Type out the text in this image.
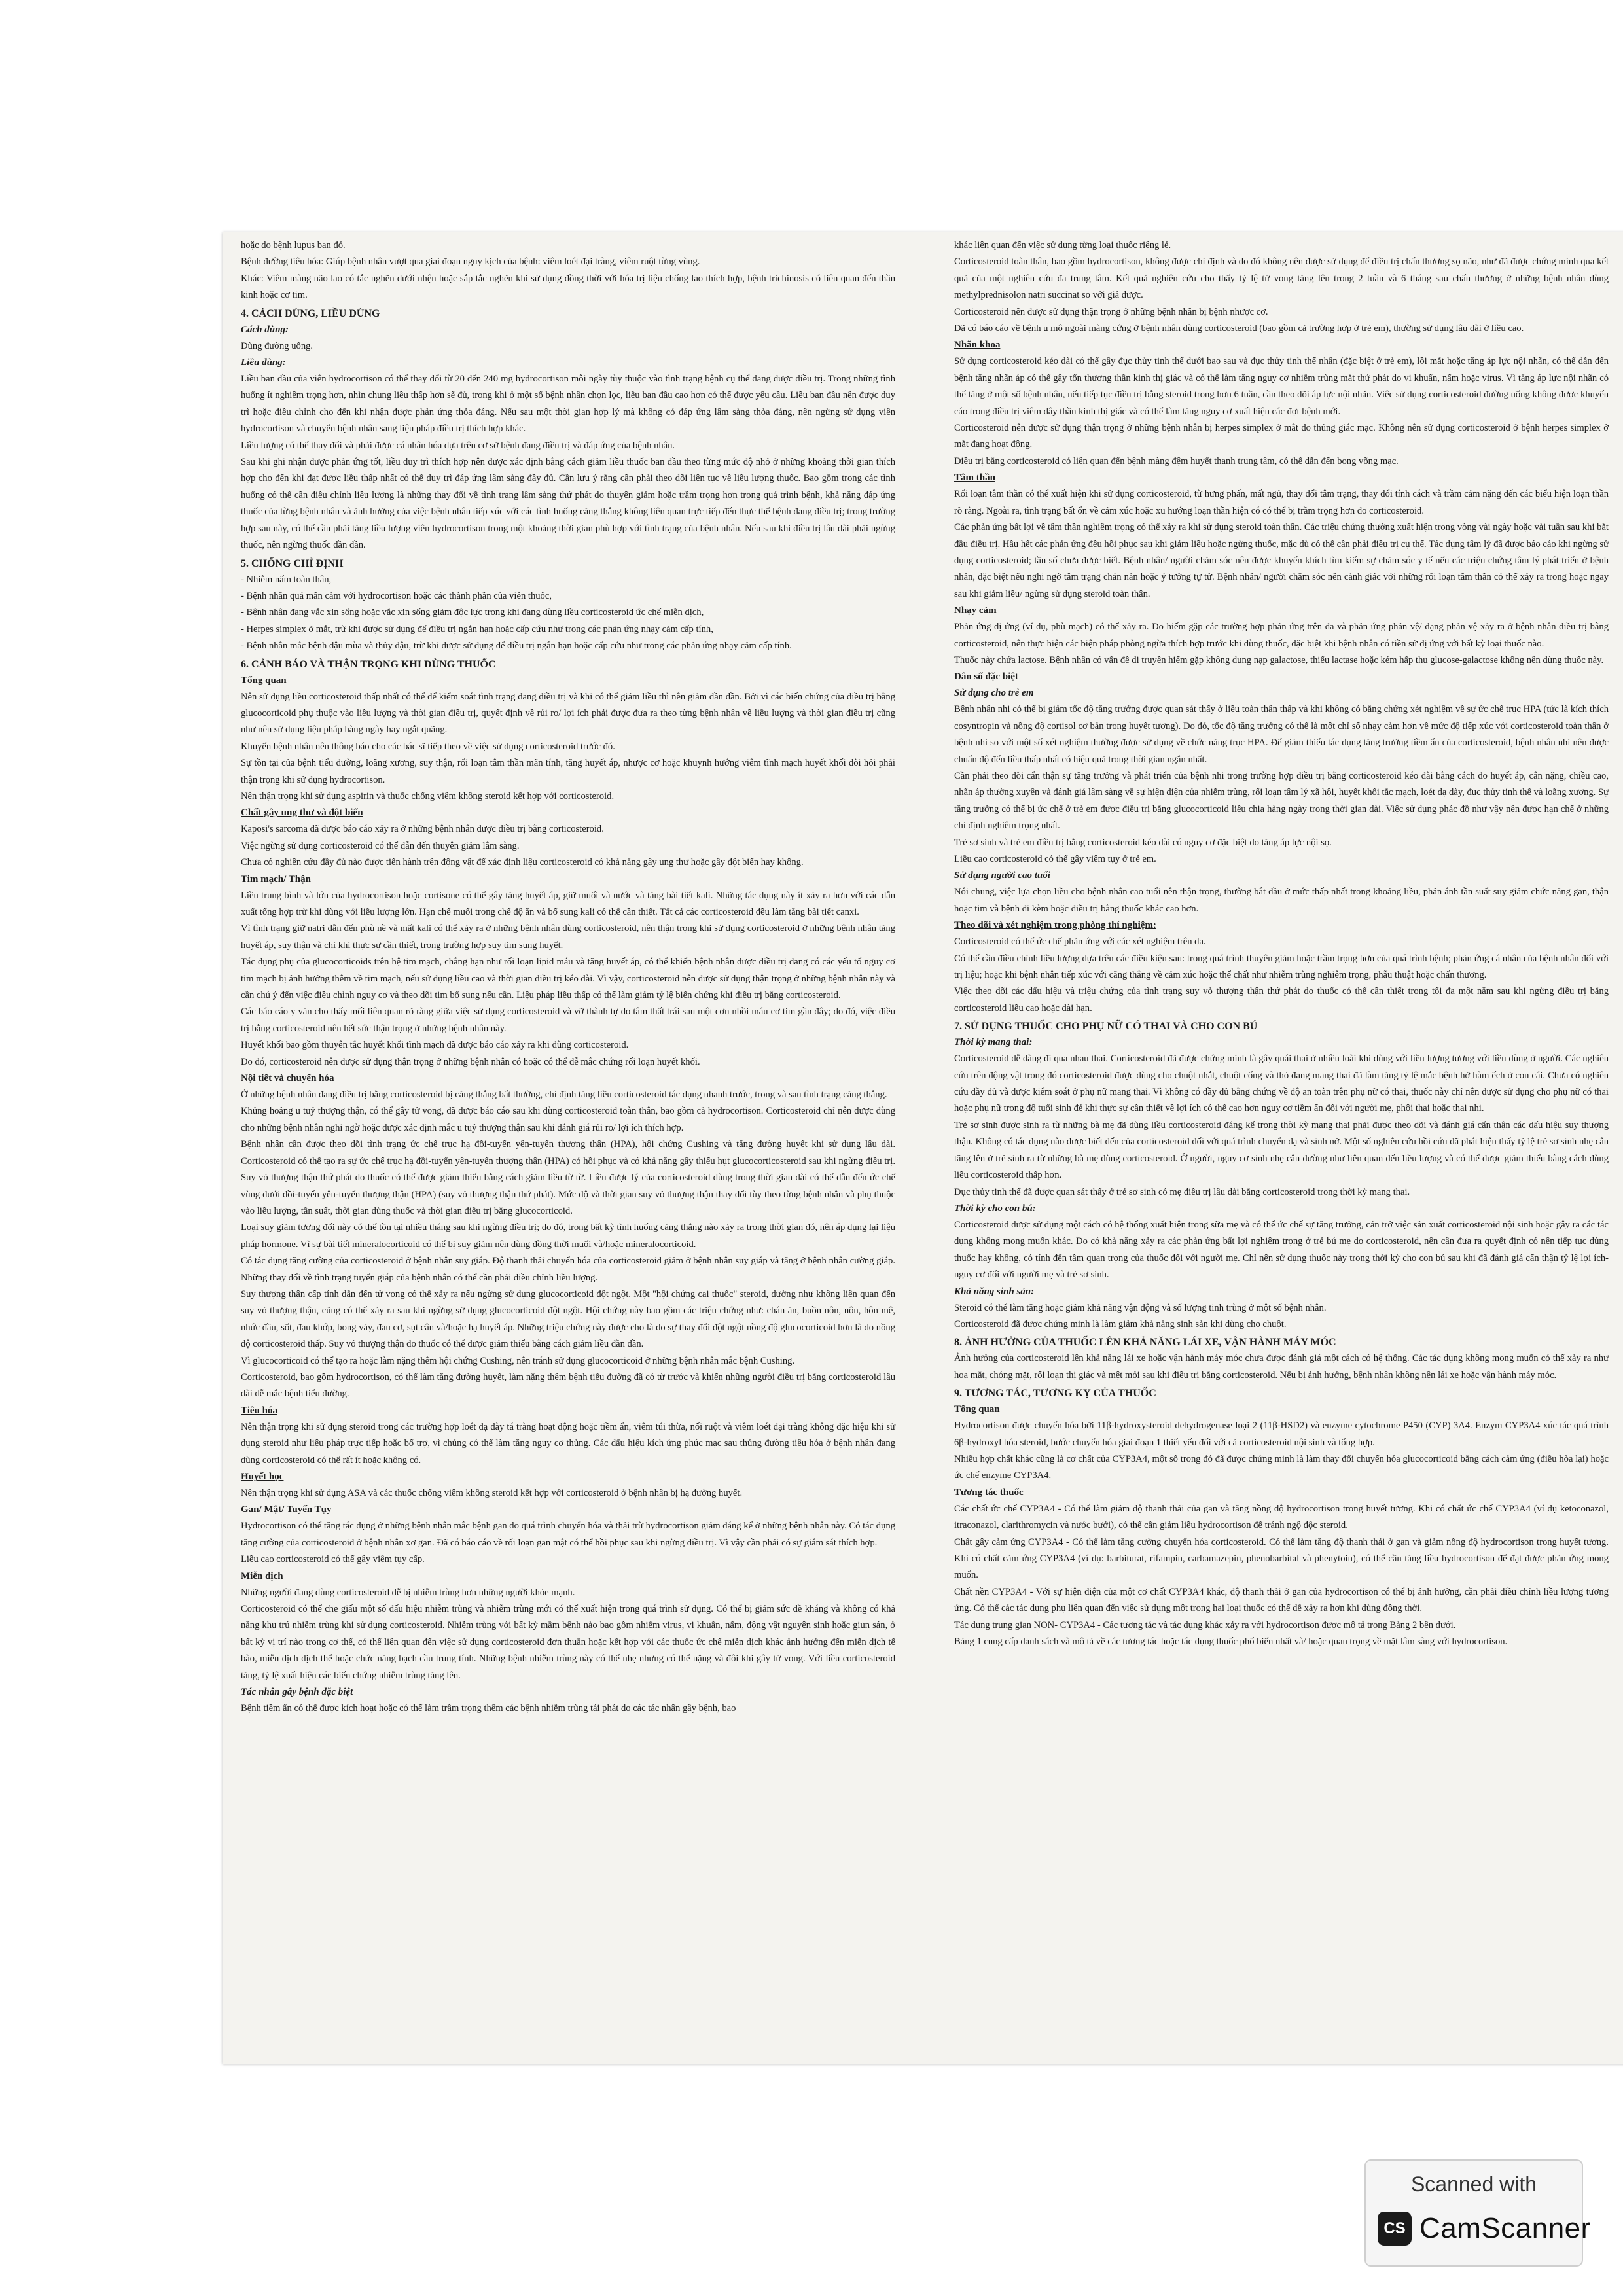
hoặc do bệnh lupus ban đỏ.

Bệnh đường tiêu hóa: Giúp bệnh nhân vượt qua giai đoạn nguy kịch của bệnh: viêm loét đại tràng, viêm ruột từng vùng.

Khác: Viêm màng não lao có tắc nghẽn dưới nhện hoặc sắp tắc nghẽn khi sử dụng đồng thời với hóa trị liệu chống lao thích hợp, bệnh trichinosis có liên quan đến thần kinh hoặc cơ tim.

4. CÁCH DÙNG, LIỀU DÙNG
Cách dùng:

Dùng đường uống.

Liều dùng:

Liều ban đầu của viên hydrocortison có thể thay đổi từ 20 đến 240 mg hydrocortison mỗi ngày tùy thuộc vào tình trạng bệnh cụ thể đang được điều trị. Trong những tình huống ít nghiêm trọng hơn, nhìn chung liều thấp hơn sẽ đủ, trong khi ở một số bệnh nhân chọn lọc, liều ban đầu cao hơn có thể được yêu cầu. Liều ban đầu nên được duy trì hoặc điều chỉnh cho đến khi nhận được phản ứng thỏa đáng. Nếu sau một thời gian hợp lý mà không có đáp ứng lâm sàng thỏa đáng, nên ngừng sử dụng viên hydrocortison và chuyển bệnh nhân sang liệu pháp điều trị thích hợp khác.

Liều lượng có thể thay đổi và phải được cá nhân hóa dựa trên cơ sở bệnh đang điều trị và đáp ứng của bệnh nhân.

Sau khi ghi nhận được phản ứng tốt, liều duy trì thích hợp nên được xác định bằng cách giảm liều thuốc ban đầu theo từng mức độ nhỏ ở những khoảng thời gian thích hợp cho đến khi đạt được liều thấp nhất có thể duy trì đáp ứng lâm sàng đầy đủ. Cần lưu ý rằng cần phải theo dõi liên tục về liều lượng thuốc. Bao gồm trong các tình huống có thể cần điều chỉnh liều lượng là những thay đổi về tình trạng lâm sàng thứ phát do thuyên giảm hoặc trầm trọng hơn trong quá trình bệnh, khả năng đáp ứng thuốc của từng bệnh nhân và ảnh hưởng của việc bệnh nhân tiếp xúc với các tình huống căng thẳng không liên quan trực tiếp đến thực thể bệnh đang điều trị; trong trường hợp sau này, có thể cần phải tăng liều lượng viên hydrocortison trong một khoảng thời gian phù hợp với tình trạng của bệnh nhân. Nếu sau khi điều trị lâu dài phải ngừng thuốc, nên ngừng thuốc dần dần.

5. CHỐNG CHỈ ĐỊNH

- Nhiễm nấm toàn thân,

- Bệnh nhân quá mẫn cảm với hydrocortison hoặc các thành phần của viên thuốc,

- Bệnh nhân đang vắc xin sống hoặc vắc xin sống giảm độc lực trong khi đang dùng liều corticosteroid ức chế miễn dịch,

- Herpes simplex ở mắt, trừ khi được sử dụng để điều trị ngắn hạn hoặc cấp cứu như trong các phản ứng nhạy cảm cấp tính,

- Bệnh nhân mắc bệnh đậu mùa và thủy đậu, trừ khi được sử dụng để điều trị ngắn hạn hoặc cấp cứu như trong các phản ứng nhạy cảm cấp tính.

6. CẢNH BÁO VÀ THẬN TRỌNG KHI DÙNG THUỐC
Tổng quan

Nên sử dụng liều corticosteroid thấp nhất có thể để kiểm soát tình trạng đang điều trị và khi có thể giảm liều thì nên giảm dần dần. Bởi vì các biến chứng của điều trị bằng glucocorticoid phụ thuộc vào liều lượng và thời gian điều trị, quyết định về rủi ro/ lợi ích phải được đưa ra theo từng bệnh nhân về liều lượng và thời gian điều trị cũng như nên sử dụng liệu pháp hàng ngày hay ngắt quãng.

Khuyến bệnh nhân nên thông báo cho các bác sĩ tiếp theo về việc sử dụng corticosteroid trước đó.

Sự tồn tại của bệnh tiểu đường, loãng xương, suy thận, rối loạn tâm thần mãn tính, tăng huyết áp, nhược cơ hoặc khuynh hướng viêm tĩnh mạch huyết khối đòi hỏi phải thận trọng khi sử dụng hydrocortison.

Nên thận trọng khi sử dụng aspirin và thuốc chống viêm không steroid kết hợp với corticosteroid.

Chất gây ung thư và đột biến

Kaposi's sarcoma đã được báo cáo xảy ra ở những bệnh nhân được điều trị bằng corticosteroid.

Việc ngừng sử dụng corticosteroid có thể dẫn đến thuyên giảm lâm sàng.

Chưa có nghiên cứu đầy đủ nào được tiến hành trên động vật để xác định liệu corticosteroid có khả năng gây ung thư hoặc gây đột biến hay không.

Tim mạch/ Thận

Liều trung bình và lớn của hydrocortison hoặc cortisone có thể gây tăng huyết áp, giữ muối và nước và tăng bài tiết kali. Những tác dụng này ít xảy ra hơn với các dẫn xuất tổng hợp trừ khi dùng với liều lượng lớn. Hạn chế muối trong chế độ ăn và bổ sung kali có thể cần thiết. Tất cả các corticosteroid đều làm tăng bài tiết canxi.

Vì tình trạng giữ natri dẫn đến phù nề và mất kali có thể xảy ra ở những bệnh nhân dùng corticosteroid, nên thận trọng khi sử dụng corticosteroid ở những bệnh nhân tăng huyết áp, suy thận và chỉ khi thực sự cần thiết, trong trường hợp suy tim sung huyết.

Tác dụng phụ của glucocorticoids trên hệ tim mạch, chẳng hạn như rối loạn lipid máu và tăng huyết áp, có thể khiến bệnh nhân được điều trị đang có các yếu tố nguy cơ tim mạch bị ảnh hưởng thêm về tim mạch, nếu sử dụng liều cao và thời gian điều trị kéo dài. Vì vậy, corticosteroid nên được sử dụng thận trọng ở những bệnh nhân này và cần chú ý đến việc điều chỉnh nguy cơ và theo dõi tim bổ sung nếu cần. Liệu pháp liều thấp có thể làm giảm tỷ lệ biến chứng khi điều trị bằng corticosteroid.

Các báo cáo y văn cho thấy mối liên quan rõ ràng giữa việc sử dụng corticosteroid và vỡ thành tự do tâm thất trái sau một cơn nhồi máu cơ tim gần đây; do đó, việc điều trị bằng corticosteroid nên hết sức thận trọng ở những bệnh nhân này.

Huyết khối bao gồm thuyên tắc huyết khối tĩnh mạch đã được báo cáo xảy ra khi dùng corticosteroid.

Do đó, corticosteroid nên được sử dụng thận trọng ở những bệnh nhân có hoặc có thể dễ mắc chứng rối loạn huyết khối.

Nội tiết và chuyển hóa

Ở những bệnh nhân đang điều trị bằng corticosteroid bị căng thẳng bất thường, chỉ định tăng liều corticosteroid tác dụng nhanh trước, trong và sau tình trạng căng thẳng.

Khủng hoảng u tuỷ thượng thận, có thể gây tử vong, đã được báo cáo sau khi dùng corticosteroid toàn thân, bao gồm cả hydrocortison. Corticosteroid chỉ nên được dùng cho những bệnh nhân nghi ngờ hoặc được xác định mắc u tuỷ thượng thận sau khi đánh giá rủi ro/ lợi ích thích hợp.

Bệnh nhân cần được theo dõi tình trạng ức chế trục hạ đồi-tuyến yên-tuyến thượng thận (HPA), hội chứng Cushing và tăng đường huyết khi sử dụng lâu dài. Corticosteroid có thể tạo ra sự ức chế trục hạ đồi-tuyến yên-tuyến thượng thận (HPA) có hồi phục và có khả năng gây thiếu hụt glucocorticosteroid sau khi ngừng điều trị. Suy vỏ thượng thận thứ phát do thuốc có thể được giảm thiểu bằng cách giảm liều từ từ. Liều được lý của corticosteroid dùng trong thời gian dài có thể dẫn đến ức chế vùng dưới đồi-tuyến yên-tuyến thượng thận (HPA) (suy vỏ thượng thận thứ phát). Mức độ và thời gian suy vỏ thượng thận thay đổi tùy theo từng bệnh nhân và phụ thuộc vào liều lượng, tần suất, thời gian dùng thuốc và thời gian điều trị bằng glucocorticoid.

Loại suy giảm tương đối này có thể tồn tại nhiều tháng sau khi ngừng điều trị; do đó, trong bất kỳ tình huống căng thẳng nào xảy ra trong thời gian đó, nên áp dụng lại liệu pháp hormone. Vì sự bài tiết mineralocorticoid có thể bị suy giảm nên dùng đồng thời muối và/hoặc mineralocorticoid.

Có tác dụng tăng cường của corticosteroid ở bệnh nhân suy giáp. Độ thanh thải chuyển hóa của corticosteroid giảm ở bệnh nhân suy giáp và tăng ở bệnh nhân cường giáp. Những thay đổi về tình trạng tuyến giáp của bệnh nhân có thể cần phải điều chỉnh liều lượng.

Suy thượng thận cấp tính dẫn đến tử vong có thể xảy ra nếu ngừng sử dụng glucocorticoid đột ngột. Một "hội chứng cai thuốc" steroid, dường như không liên quan đến suy vỏ thượng thận, cũng có thể xảy ra sau khi ngừng sử dụng glucocorticoid đột ngột. Hội chứng này bao gồm các triệu chứng như: chán ăn, buồn nôn, nôn, hôn mê, nhức đầu, sốt, đau khớp, bong vảy, đau cơ, sụt cân và/hoặc hạ huyết áp. Những triệu chứng này được cho là do sự thay đổi đột ngột nồng độ glucocorticoid hơn là do nồng độ corticosteroid thấp. Suy vỏ thượng thận do thuốc có thể được giảm thiểu bằng cách giảm liều dần dần.

Vì glucocorticoid có thể tạo ra hoặc làm nặng thêm hội chứng Cushing, nên tránh sử dụng glucocorticoid ở những bệnh nhân mắc bệnh Cushing.

Corticosteroid, bao gồm hydrocortison, có thể làm tăng đường huyết, làm nặng thêm bệnh tiểu đường đã có từ trước và khiến những người điều trị bằng corticosteroid lâu dài dễ mắc bệnh tiểu đường.

Tiêu hóa

Nên thận trọng khi sử dụng steroid trong các trường hợp loét dạ dày tá tràng hoạt động hoặc tiềm ẩn, viêm túi thừa, nối ruột và viêm loét đại tràng không đặc hiệu khi sử dụng steroid như liệu pháp trực tiếp hoặc bổ trợ, vì chúng có thể làm tăng nguy cơ thủng. Các dấu hiệu kích ứng phúc mạc sau thủng đường tiêu hóa ở bệnh nhân đang dùng corticosteroid có thể rất ít hoặc không có.

Huyết học

Nên thận trọng khi sử dụng ASA và các thuốc chống viêm không steroid kết hợp với corticosteroid ở bệnh nhân bị hạ đường huyết.

Gan/ Mật/ Tuyến Tụy

Hydrocortison có thể tăng tác dụng ở những bệnh nhân mắc bệnh gan do quá trình chuyển hóa và thải trừ hydrocortison giảm đáng kể ở những bệnh nhân này. Có tác dụng tăng cường của corticosteroid ở bệnh nhân xơ gan. Đã có báo cáo về rối loạn gan mật có thể hồi phục sau khi ngừng điều trị. Vì vậy cần phải có sự giám sát thích hợp.

Liều cao corticosteroid có thể gây viêm tụy cấp.

Miễn dịch

Những người đang dùng corticosteroid dễ bị nhiễm trùng hơn những người khỏe mạnh.

Corticosteroid có thể che giấu một số dấu hiệu nhiễm trùng và nhiễm trùng mới có thể xuất hiện trong quá trình sử dụng. Có thể bị giảm sức đề kháng và không có khả năng khu trú nhiễm trùng khi sử dụng corticosteroid. Nhiễm trùng với bất kỳ mầm bệnh nào bao gồm nhiễm virus, vi khuẩn, nấm, động vật nguyên sinh hoặc giun sán, ở bất kỳ vị trí nào trong cơ thể, có thể liên quan đến việc sử dụng corticosteroid đơn thuần hoặc kết hợp với các thuốc ức chế miễn dịch khác ảnh hưởng đến miễn dịch tế bào, miễn dịch dịch thể hoặc chức năng bạch cầu trung tính. Những bệnh nhiễm trùng này có thể nhẹ nhưng có thể nặng và đôi khi gây tử vong. Với liều corticosteroid tăng, tỷ lệ xuất hiện các biến chứng nhiễm trùng tăng lên.

Tác nhân gây bệnh đặc biệt

Bệnh tiềm ẩn có thể được kích hoạt hoặc có thể làm trầm trọng thêm các bệnh nhiễm trùng tái phát do các tác nhân gây bệnh, bao

khác liên quan đến việc sử dụng từng loại thuốc riêng lẻ.

Corticosteroid toàn thân, bao gồm hydrocortison, không được chỉ định và do đó không nên được sử dụng để điều trị chấn thương sọ não, như đã được chứng minh qua kết quả của một nghiên cứu đa trung tâm. Kết quả nghiên cứu cho thấy tỷ lệ tử vong tăng lên trong 2 tuần và 6 tháng sau chấn thương ở những bệnh nhân dùng methylprednisolon natri succinat so với giả dược.

Corticosteroid nên được sử dụng thận trọng ở những bệnh nhân bị bệnh nhược cơ.

Đã có báo cáo về bệnh u mô ngoài màng cứng ở bệnh nhân dùng corticosteroid (bao gồm cả trường hợp ở trẻ em), thường sử dụng lâu dài ở liều cao.

Nhãn khoa

Sử dụng corticosteroid kéo dài có thể gây đục thủy tinh thể dưới bao sau và đục thủy tinh thể nhân (đặc biệt ở trẻ em), lồi mắt hoặc tăng áp lực nội nhãn, có thể dẫn đến bệnh tăng nhãn áp có thể gây tổn thương thần kinh thị giác và có thể làm tăng nguy cơ nhiễm trùng mắt thứ phát do vi khuẩn, nấm hoặc virus. Vì tăng áp lực nội nhãn có thể tăng ở một số bệnh nhân, nếu tiếp tục điều trị bằng steroid trong hơn 6 tuần, cần theo dõi áp lực nội nhãn. Việc sử dụng corticosteroid đường uống không được khuyến cáo trong điều trị viêm dây thần kinh thị giác và có thể làm tăng nguy cơ xuất hiện các đợt bệnh mới.

Corticosteroid nên được sử dụng thận trọng ở những bệnh nhân bị herpes simplex ở mắt do thủng giác mạc. Không nên sử dụng corticosteroid ở bệnh herpes simplex ở mắt đang hoạt động.

Điều trị bằng corticosteroid có liên quan đến bệnh màng đệm huyết thanh trung tâm, có thể dẫn đến bong võng mạc.

Tâm thần

Rối loạn tâm thần có thể xuất hiện khi sử dụng corticosteroid, từ hưng phấn, mất ngủ, thay đổi tâm trạng, thay đổi tính cách và trầm cảm nặng đến các biểu hiện loạn thần rõ ràng. Ngoài ra, tình trạng bất ổn về cảm xúc hoặc xu hướng loạn thần hiện có có thể bị trầm trọng hơn do corticosteroid.

Các phản ứng bất lợi về tâm thần nghiêm trọng có thể xảy ra khi sử dụng steroid toàn thân. Các triệu chứng thường xuất hiện trong vòng vài ngày hoặc vài tuần sau khi bắt đầu điều trị. Hầu hết các phản ứng đều hồi phục sau khi giảm liều hoặc ngừng thuốc, mặc dù có thể cần phải điều trị cụ thể. Tác dụng tâm lý đã được báo cáo khi ngừng sử dụng corticosteroid; tần số chưa được biết. Bệnh nhân/ người chăm sóc nên được khuyến khích tìm kiếm sự chăm sóc y tế nếu các triệu chứng tâm lý phát triển ở bệnh nhân, đặc biệt nếu nghi ngờ tâm trạng chán nản hoặc ý tưởng tự tử. Bệnh nhân/ người chăm sóc nên cảnh giác với những rối loạn tâm thần có thể xảy ra trong hoặc ngay sau khi giảm liều/ ngừng sử dụng steroid toàn thân.

Nhạy cảm

Phản ứng dị ứng (ví dụ, phù mạch) có thể xảy ra. Do hiếm gặp các trường hợp phản ứng trên da và phản ứng phản vệ/ dạng phản vệ xảy ra ở bệnh nhân điều trị bằng corticosteroid, nên thực hiện các biện pháp phòng ngừa thích hợp trước khi dùng thuốc, đặc biệt khi bệnh nhân có tiền sử dị ứng với bất kỳ loại thuốc nào.

Thuốc này chứa lactose. Bệnh nhân có vấn đề di truyền hiếm gặp không dung nạp galactose, thiếu lactase hoặc kém hấp thu glucose-galactose không nên dùng thuốc này.

Dân số đặc biệt
Sử dụng cho trẻ em

Bệnh nhân nhi có thể bị giảm tốc độ tăng trưởng được quan sát thấy ở liều toàn thân thấp và khi không có bằng chứng xét nghiệm về sự ức chế trục HPA (tức là kích thích cosyntropin và nồng độ cortisol cơ bản trong huyết tương). Do đó, tốc độ tăng trưởng có thể là một chỉ số nhạy cảm hơn về mức độ tiếp xúc với corticosteroid toàn thân ở bệnh nhi so với một số xét nghiệm thường được sử dụng về chức năng trục HPA. Để giảm thiểu tác dụng tăng trưởng tiềm ẩn của corticosteroid, bệnh nhân nhi nên được chuẩn độ đến liều thấp nhất có hiệu quả trong thời gian ngắn nhất.

Cần phải theo dõi cẩn thận sự tăng trưởng và phát triển của bệnh nhi trong trường hợp điều trị bằng corticosteroid kéo dài bằng cách đo huyết áp, cân nặng, chiều cao, nhãn áp thường xuyên và đánh giá lâm sàng về sự hiện diện của nhiễm trùng, rối loạn tâm lý xã hội, huyết khối tắc mạch, loét dạ dày, đục thủy tinh thể và loãng xương. Sự tăng trưởng có thể bị ức chế ở trẻ em được điều trị bằng glucocorticoid liều chia hàng ngày trong thời gian dài. Việc sử dụng phác đồ như vậy nên được hạn chế ở những chỉ định nghiêm trọng nhất.

Trẻ sơ sinh và trẻ em điều trị bằng corticosteroid kéo dài có nguy cơ đặc biệt do tăng áp lực nội sọ.

Liều cao corticosteroid có thể gây viêm tụy ở trẻ em.

Sử dụng người cao tuổi

Nói chung, việc lựa chọn liều cho bệnh nhân cao tuổi nên thận trọng, thường bắt đầu ở mức thấp nhất trong khoảng liều, phản ánh tần suất suy giảm chức năng gan, thận hoặc tim và bệnh đi kèm hoặc điều trị bằng thuốc khác cao hơn.

Theo dõi và xét nghiệm trong phòng thí nghiệm:

Corticosteroid có thể ức chế phản ứng với các xét nghiệm trên da.

Có thể cần điều chỉnh liều lượng dựa trên các điều kiện sau: trong quá trình thuyên giảm hoặc trầm trọng hơn của quá trình bệnh; phản ứng cá nhân của bệnh nhân đối với trị liệu; hoặc khi bệnh nhân tiếp xúc với căng thẳng về cảm xúc hoặc thể chất như nhiễm trùng nghiêm trọng, phẫu thuật hoặc chấn thương.

Việc theo dõi các dấu hiệu và triệu chứng của tình trạng suy vỏ thượng thận thứ phát do thuốc có thể cần thiết trong tối đa một năm sau khi ngừng điều trị bằng corticosteroid liều cao hoặc dài hạn.

7. SỬ DỤNG THUỐC CHO PHỤ NỮ CÓ THAI VÀ CHO CON BÚ
Thời kỳ mang thai:

Corticosteroid dễ dàng đi qua nhau thai. Corticosteroid đã được chứng minh là gây quái thai ở nhiều loài khi dùng với liều lượng tương với liều dùng ở người. Các nghiên cứu trên động vật trong đó corticosteroid được dùng cho chuột nhắt, chuột cống và thỏ đang mang thai đã làm tăng tỷ lệ mắc bệnh hở hàm ếch ở con cái. Chưa có nghiên cứu đầy đủ và được kiểm soát ở phụ nữ mang thai. Vì không có đầy đủ bằng chứng về độ an toàn trên phụ nữ có thai, thuốc này chỉ nên được sử dụng cho phụ nữ có thai hoặc phụ nữ trong độ tuổi sinh đẻ khi thực sự cần thiết về lợi ích có thể cao hơn nguy cơ tiềm ẩn đối với người mẹ, phôi thai hoặc thai nhi.

Trẻ sơ sinh được sinh ra từ những bà mẹ đã dùng liều corticosteroid đáng kể trong thời kỳ mang thai phải được theo dõi và đánh giá cẩn thận các dấu hiệu suy thượng thận. Không có tác dụng nào được biết đến của corticosteroid đối với quá trình chuyển dạ và sinh nở. Một số nghiên cứu hồi cứu đã phát hiện thấy tỷ lệ trẻ sơ sinh nhẹ cân tăng lên ở trẻ sinh ra từ những bà mẹ dùng corticosteroid. Ở người, nguy cơ sinh nhẹ cân dường như liên quan đến liều lượng và có thể được giảm thiểu bằng cách dùng liều corticosteroid thấp hơn.

Đục thủy tinh thể đã được quan sát thấy ở trẻ sơ sinh có mẹ điều trị lâu dài bằng corticosteroid trong thời kỳ mang thai.

Thời kỳ cho con bú:

Corticosteroid được sử dụng một cách có hệ thống xuất hiện trong sữa mẹ và có thể ức chế sự tăng trưởng, cản trở việc sản xuất corticosteroid nội sinh hoặc gây ra các tác dụng không mong muốn khác. Do có khả năng xảy ra các phản ứng bất lợi nghiêm trọng ở trẻ bú mẹ do corticosteroid, nên cân đưa ra quyết định có nên tiếp tục dùng thuốc hay không, có tính đến tầm quan trọng của thuốc đối với người mẹ. Chỉ nên sử dụng thuốc này trong thời kỳ cho con bú sau khi đã đánh giá cẩn thận tỷ lệ lợi ích-nguy cơ đối với người mẹ và trẻ sơ sinh.

Khả năng sinh sản:

Steroid có thể làm tăng hoặc giảm khả năng vận động và số lượng tinh trùng ở một số bệnh nhân.

Corticosteroid đã được chứng minh là làm giảm khả năng sinh sản khi dùng cho chuột.

8. ẢNH HƯỞNG CỦA THUỐC LÊN KHẢ NĂNG LÁI XE, VẬN HÀNH MÁY MÓC

Ảnh hưởng của corticosteroid lên khả năng lái xe hoặc vận hành máy móc chưa được đánh giá một cách có hệ thống. Các tác dụng không mong muốn có thể xảy ra như hoa mắt, chóng mặt, rối loạn thị giác và mệt mỏi sau khi điều trị bằng corticosteroid. Nếu bị ảnh hưởng, bệnh nhân không nên lái xe hoặc vận hành máy móc.

9. TƯƠNG TÁC, TƯƠNG KỴ CỦA THUỐC
Tổng quan

Hydrocortison được chuyển hóa bởi 11β-hydroxysteroid dehydrogenase loại 2 (11β-HSD2) và enzyme cytochrome P450 (CYP) 3A4. Enzym CYP3A4 xúc tác quá trình 6β-hydroxyl hóa steroid, bước chuyển hóa giai đoạn 1 thiết yếu đối với cả corticosteroid nội sinh và tổng hợp.

Nhiều hợp chất khác cũng là cơ chất của CYP3A4, một số trong đó đã được chứng minh là làm thay đổi chuyển hóa glucocorticoid bằng cách cảm ứng (điều hòa lại) hoặc ức chế enzyme CYP3A4.

Tương tác thuốc

Các chất ức chế CYP3A4 - Có thể làm giảm độ thanh thải của gan và tăng nồng độ hydrocortison trong huyết tương. Khi có chất ức chế CYP3A4 (ví dụ ketoconazol, itraconazol, clarithromycin và nước bưởi), có thể cần giảm liều hydrocortison để tránh ngộ độc steroid.

Chất gây cảm ứng CYP3A4 - Có thể làm tăng cường chuyển hóa corticosteroid. Có thể làm tăng độ thanh thải ở gan và giảm nồng độ hydrocortison trong huyết tương. Khi có chất cảm ứng CYP3A4 (ví dụ: barbiturat, rifampin, carbamazepin, phenobarbital và phenytoin), có thể cần tăng liều hydrocortison để đạt được phản ứng mong muốn.

Chất nền CYP3A4 - Với sự hiện diện của một cơ chất CYP3A4 khác, độ thanh thải ở gan của hydrocortison có thể bị ảnh hưởng, cần phải điều chỉnh liều lượng tương ứng. Có thể các tác dụng phụ liên quan đến việc sử dụng một trong hai loại thuốc có thể dễ xảy ra hơn khi dùng đồng thời.

Tác dụng trung gian NON- CYP3A4 - Các tương tác và tác dụng khác xảy ra với hydrocortison được mô tả trong Bảng 2 bên dưới.

Bảng 1 cung cấp danh sách và mô tả về các tương tác hoặc tác dụng thuốc phổ biến nhất và/ hoặc quan trọng về mặt lâm sàng với hydrocortison.

Scanned with
CS CamScanner
